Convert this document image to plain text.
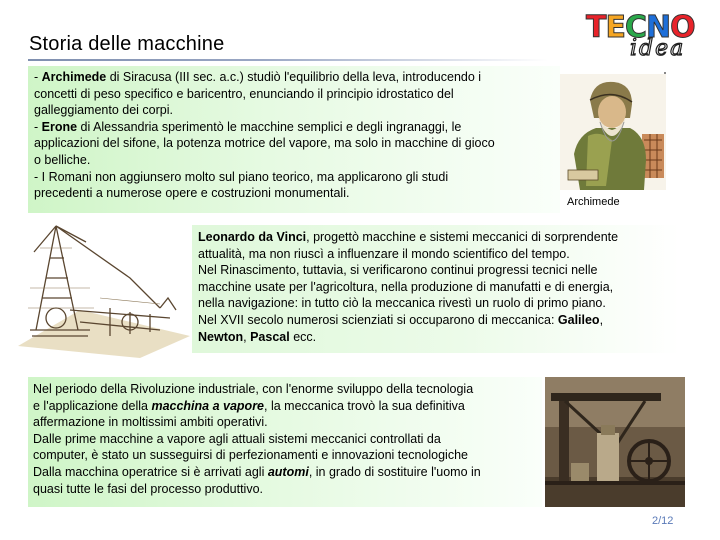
Storia delle macchine	TECNO
idea
- Archimede di Siracusa (III sec. a.c.) studiò l'equilibrio della leva, introducendo i
concetti di peso specifico e baricentro, enunciando il principio idrostatico del
galleggiamento dei corpi.
- Erone di Alessandria sperimentò le macchine semplici e degli ingranaggi, le
applicazioni del sifone, la potenza motrice del vapore, ma solo in macchine di gioco
o belliche.
- I Romani non aggiunsero molto sul piano teorico, ma applicarono gli studi
precedenti a numerose opere e costruzioni monumentali.
Archimede
Leonardo da Vinci, progettò macchine e sistemi meccanici di sorprendente
attualità, ma non riuscì a influenzare il mondo scientifico del tempo.
Nel Rinascimento, tuttavia, si verificarono continui progressi tecnici nelle
macchine usate per l'agricoltura, nella produzione di manufatti e di energia,
nella navigazione: in tutto ciò la meccanica rivestì un ruolo di primo piano.
Nel XVII secolo numerosi scienziati si occuparono di meccanica: Galileo,
Newton, Pascal ecc.
Nel periodo della Rivoluzione industriale, con l'enorme sviluppo della tecnologia
e l'applicazione della macchina a vapore, la meccanica trovò la sua definitiva
affermazione in moltissimi ambiti operativi.
Dalle prime macchine a vapore agli attuali sistemi meccanici controllati da
computer, è stato un susseguirsi di perfezionamenti e innovazioni tecnologiche
Dalla macchina operatrice si è arrivati agli automi, in grado di sostituire l'uomo in
quasi tutte le fasi del processo produttivo.
2/12
